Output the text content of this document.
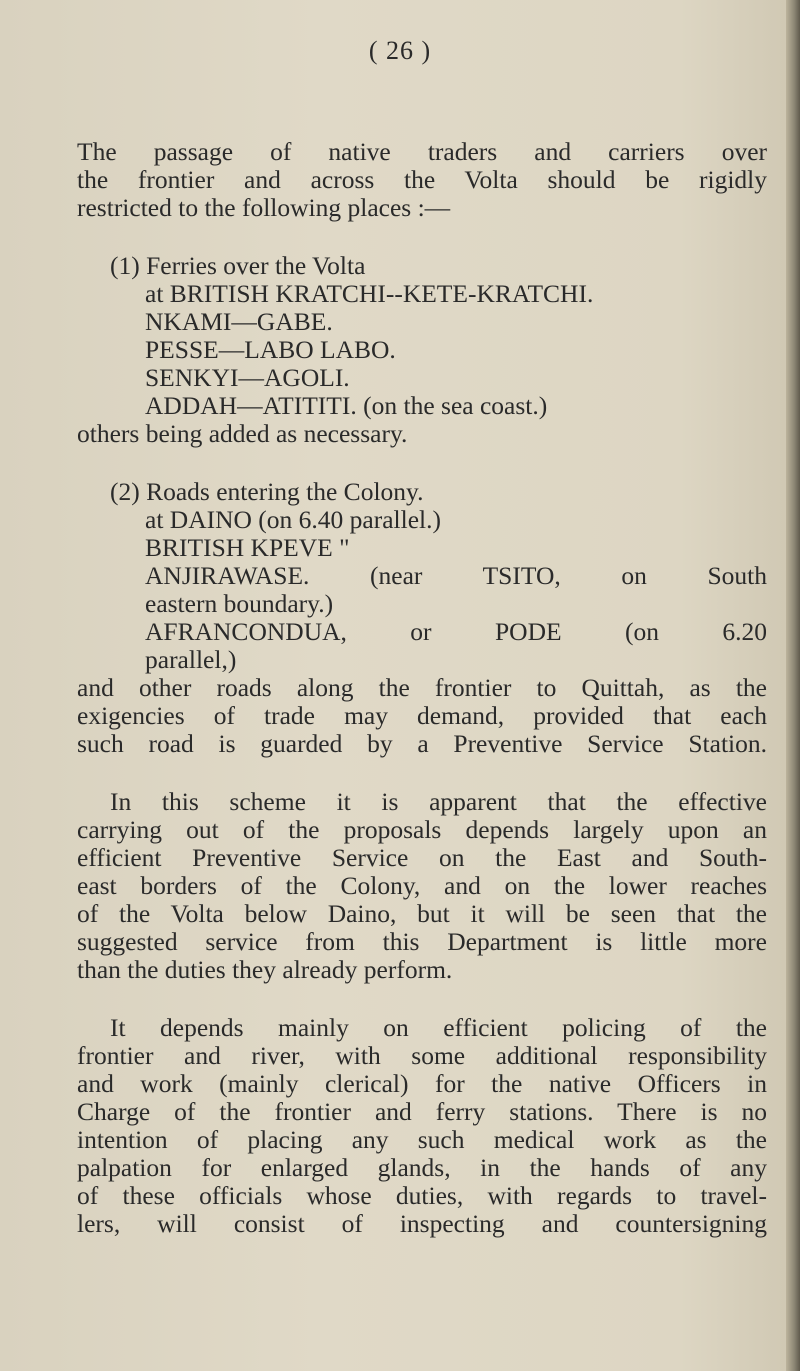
( 26 )
The passage of native traders and carriers over
the frontier and across the Volta should be rigidly
restricted to the following places :—
(1) Ferries over the Volta
at BRITISH KRATCHI--KETE-KRATCHI.
NKAMI—GABE.
PESSE—LABO LABO.
SENKYI—AGOLI.
ADDAH—ATITITI. (on the sea coast.)
others being added as necessary.
(2) Roads entering the Colony.
at DAINO (on 6.40 parallel.)
BRITISH KPEVE "
ANJIRAWASE. (near TSITO, on South
eastern boundary.)
AFRANCONDUA, or PODE (on 6.20
parallel,)
and other roads along the frontier to Quittah, as the
exigencies of trade may demand, provided that each
such road is guarded by a Preventive Service Station.
In this scheme it is apparent that the effective
carrying out of the proposals depends largely upon an
efficient Preventive Service on the East and South-
east borders of the Colony, and on the lower reaches
of the Volta below Daino, but it will be seen that the
suggested service from this Department is little more
than the duties they already perform.
It depends mainly on efficient policing of the
frontier and river, with some additional responsibility
and work (mainly clerical) for the native Officers in
Charge of the frontier and ferry stations. There is no
intention of placing any such medical work as the
palpation for enlarged glands, in the hands of any
of these officials whose duties, with regards to travel-
lers, will consist of inspecting and countersigning
